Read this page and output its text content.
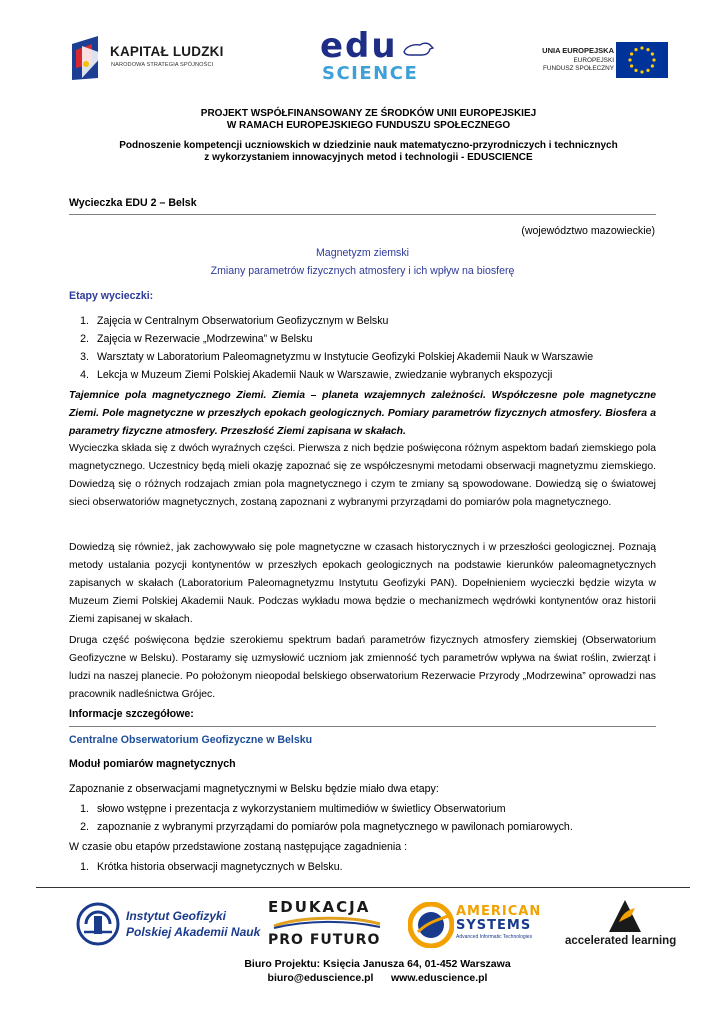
KAPITAŁ LUDZKI
NARODOWA STRATEGIA SPÓJNOŚCI	edu
SCIENCE
UNIA EUROPEJSKA
EUROPEJSKI
FUNDUSZ SPOŁECZNY
PROJEKT WSPÓŁFINANSOWANY ZE ŚRODKÓW UNII EUROPEJSKIEJ
W RAMACH EUROPEJSKIEGO FUNDUSZU SPOŁECZNEGO
Podnoszenie kompetencji uczniowskich w dziedzinie nauk matematyczno-przyrodniczych i technicznych
z wykorzystaniem innowacyjnych metod i technologii - EDUSCIENCE
Wycieczka EDU 2 – Belsk
(województwo mazowieckie)
Magnetyzm ziemski
Zmiany parametrów fizycznych atmosfery i ich wpływ na biosferę
Etapy wycieczki:
1. Zajęcia w Centralnym Obserwatorium Geofizycznym w Belsku
2. Zajęcia w Rezerwacie „Modrzewina” w Belsku
3. Warsztaty w Laboratorium Paleomagnetyzmu w Instytucie Geofizyki Polskiej Akademii Nauk w Warszawie
4. Lekcja w Muzeum Ziemi Polskiej Akademii Nauk w Warszawie, zwiedzanie wybranych ekspozycji
Tajemnice pola magnetycznego Ziemi. Ziemia – planeta wzajemnych zależności. Współczesne pole magnetyczne Ziemi. Pole magnetyczne w przeszłych epokach geologicznych. Pomiary parametrów fizycznych atmosfery. Biosfera a parametry fizyczne atmosfery. Przeszłość Ziemi zapisana w skałach.
Wycieczka składa się z dwóch wyraźnych części. Pierwsza z nich będzie poświęcona różnym aspektom badań ziemskiego pola magnetycznego. Uczestnicy będą mieli okazję zapoznać się ze współczesnymi metodami obserwacji magnetyzmu ziemskiego. Dowiedzą się o różnych rodzajach zmian pola magnetycznego i czym te zmiany są spowodowane. Dowiedzą się o światowej sieci obserwatoriów magnetycznych, zostaną zapoznani z wybranymi przyrządami do pomiarów pola magnetycznego.
Dowiedzą się również, jak zachowywało się pole magnetyczne w czasach historycznych i w przeszłości geologicznej. Poznają metody ustalania pozycji kontynentów w przeszłych epokach geologicznych na podstawie kierunków paleomagnetycznych zapisanych w skałach (Laboratorium Paleomagnetyzmu Instytutu Geofizyki PAN). Dopełnieniem wycieczki będzie wizyta w Muzeum Ziemi Polskiej Akademii Nauk. Podczas wykładu mowa będzie o mechanizmech wędrówki kontynentów oraz historii Ziemi zapisanej w skałach.
Druga część poświęcona będzie szerokiemu spektrum badań parametrów fizycznych atmosfery ziemskiej (Obserwatorium Geofizyczne w Belsku). Postaramy się uzmysłowić uczniom jak zmienność tych parametrów wpływa na świat roślin, zwierząt i ludzi na naszej planecie. Po położonym nieopodal belskiego obserwatorium Rezerwacie Przyrody „Modrzewina” oprowadzi nas pracownik nadleśnictwa Grójec.
Informacje szczegółowe:
Centralne Obserwatorium Geofizyczne w Belsku
Moduł pomiarów magnetycznych
Zapoznanie z obserwacjami magnetycznymi w Belsku będzie miało dwa etapy:
1. słowo wstępne i prezentacja z wykorzystaniem multimediów w świetlicy Obserwatorium
2. zapoznanie z wybranymi przyrządami do pomiarów pola magnetycznego w pawilonach pomiarowych.
W czasie obu etapów przedstawione zostaną następujące zagadnienia :
1. Krótka historia obserwacji magnetycznych w Belsku.
Instytut Geofizyki
Polskiej Akademii Nauk
EDUKACJA
PRO FUTURO
AMERICAN
SYSTEMS
Advanced Informatic Technologies	accelerated learning
Biuro Projektu: Księcia Janusza 64, 01-452 Warszawa
biuro@eduscience.pl      www.eduscience.pl
